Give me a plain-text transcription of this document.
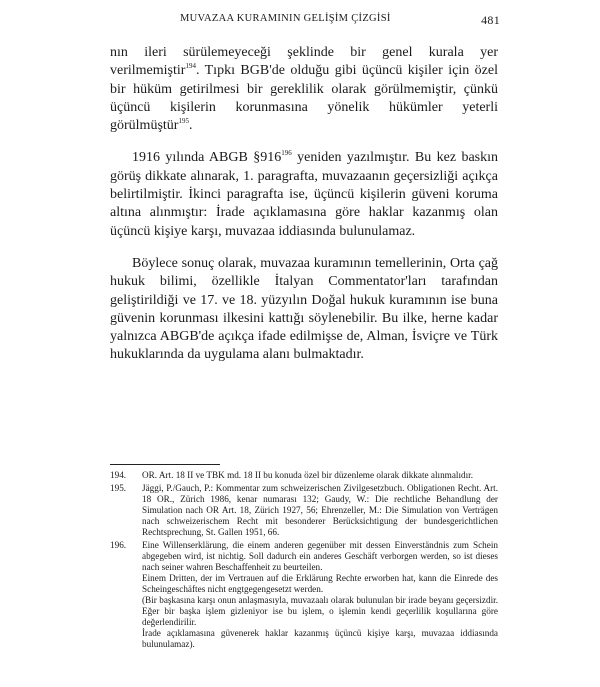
MUVAZAA KURAMININ GELİŞİM ÇİZGİSİ	481

nın ileri sürülemeyeceği şeklinde bir genel kurala yer verilmemiştir$^{194}$. Tıpkı BGB'de olduğu gibi üçüncü kişiler için özel bir hüküm getirilmesi bir gereklilik olarak görülmemiştir, çünkü üçüncü kişilerin korunmasına yönelik hükümler yeterli görülmüştür$^{195}$.

1916 yılında ABGB $\S 916^{196}$ yeniden yazılmıştır. Bu kez baskın görüş dikkate alınarak, 1. paragrafta, muvazaanın geçersizliği açıkça belirtilmiştir. İkinci paragrafta ise, üçüncü kişilerin güveni koruma altına alınmıştır: İrade açıklamasına göre haklar kazanmış olan üçüncü kişiye karşı, muvazaa iddiasında bulunulamaz.

Böylece sonuç olarak, muvazaa kuramının temellerinin, Orta çağ hukuk bilimi, özellikle İtalyan Commentator'ları tarafından geliştirildiği ve 17. ve 18. yüzyılın Doğal hukuk kuramının ise buna güvenin korunması ilkesini kattığı söylenebilir. Bu ilke, herne kadar yalnızca ABGB'de açıkça ifade edilmişse de, Alman, İsviçre ve Türk hukuklarında da uygulama alanı bulmaktadır.

194.	OR. Art. 18 II ve TBK md. 18 II bu konuda özel bir düzenleme olarak dikkate alınmalıdır.
195.	Jäggi, P./Gauch, P.: Kommentar zum schweizerischen Zivilgesetzbuch. Obligationen Recht. Art. 18 OR., Zürich 1986, kenar numarası 132; Gaudy, W.: Die rechtliche Behandlung der Simulation nach OR Art. 18, Zürich 1927, 56; Ehrenzeller, M.: Die Simulation von Verträgen nach schweizerischem Recht mit besonderer Berücksichtigung der bundesgerichtlichen Rechtsprechung, St. Gallen 1951, 66.
196.	Eine Willenserklärung, die einem anderen gegenüber mit dessen Einverständnis zum Schein abgegeben wird, ist nichtig. Soll dadurch ein anderes Geschäft verborgen werden, so ist dieses nach seiner wahren Beschaffenheit zu beurteilen.
Einem Dritten, der im Vertrauen auf die Erklärung Rechte erworben hat, kann die Einrede des Scheingeschäftes nicht engtgegengesetzt werden.
(Bir başkasına karşı onun anlaşmasıyla, muvazaalı olarak bulunulan bir irade beyanı geçersizdir. Eğer bir başka işlem gizleniyor ise bu işlem, o işlemin kendi geçerlilik koşullarına göre değerlendirilir.
İrade açıklamasına güvenerek haklar kazanmış üçüncü kişiye karşı, muvazaa iddiasında bulunulamaz).
